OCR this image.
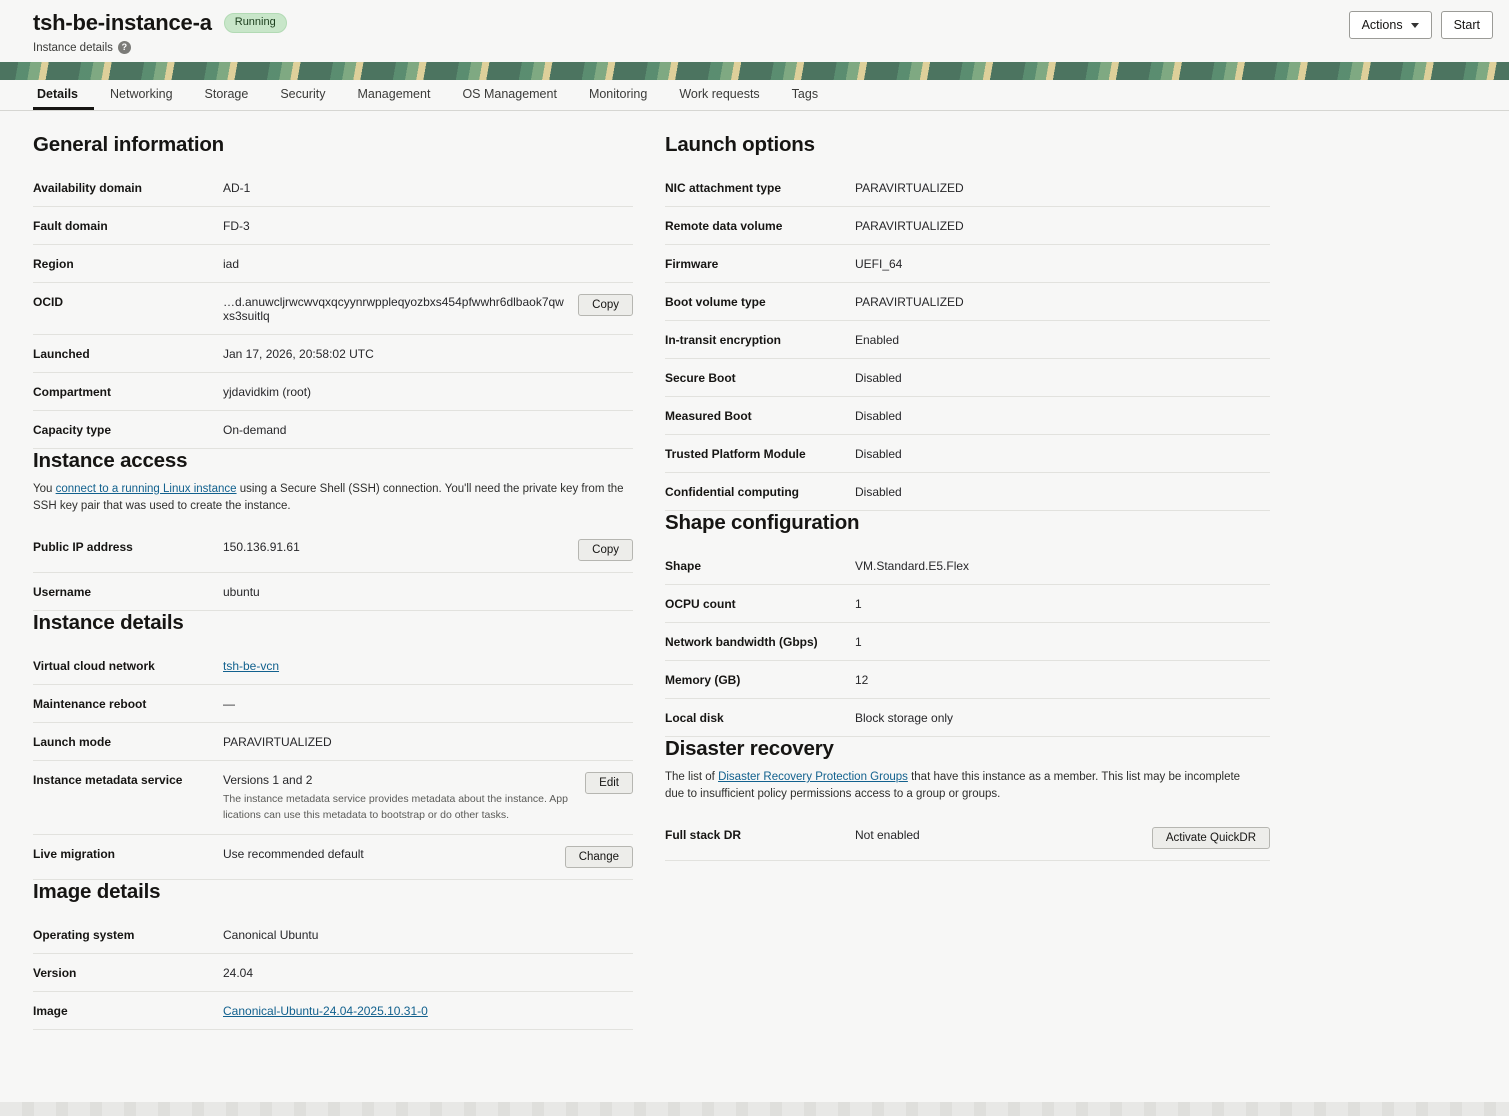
tsh-be-instance-a	Running
Instance details ?
Actions	Start
Details	Networking	Storage	Security	Management	OS Management	Monitoring	Work requests	Tags
General information
Availability domain	AD-1
Fault domain	FD-3
Region	iad
OCID	…d.anuwcljrwcwvqxqcyynrwppleqyozbxs454pfwwhr6dlbaok7qwxs3suitlq
Copy
Launched	Jan 17, 2026, 20:58:02 UTC
Compartment	yjdavidkim (root)
Capacity type	On-demand
Instance access
You connect to a running Linux instance using a Secure Shell (SSH) connection. You'll need the private key from the SSH key pair that was used to create the instance.
Public IP address	150.136.91.61	Copy
Username	ubuntu
Instance details
Virtual cloud network	tsh-be-vcn
Maintenance reboot	—
Launch mode	PARAVIRTUALIZED
Instance metadata service	Versions 1 and 2
The instance metadata service provides metadata about the instance. Applications can use this metadata to bootstrap or do other tasks.
Edit
Live migration	Use recommended default	Change
Image details
Operating system	Canonical Ubuntu
Version	24.04
Image	Canonical-Ubuntu-24.04-2025.10.31-0
Launch options
NIC attachment type	PARAVIRTUALIZED
Remote data volume	PARAVIRTUALIZED
Firmware	UEFI_64
Boot volume type	PARAVIRTUALIZED
In-transit encryption	Enabled
Secure Boot	Disabled
Measured Boot	Disabled
Trusted Platform Module	Disabled
Confidential computing	Disabled
Shape configuration
Shape	VM.Standard.E5.Flex
OCPU count	1
Network bandwidth (Gbps)	1
Memory (GB)	12
Local disk	Block storage only
Disaster recovery
The list of Disaster Recovery Protection Groups that have this instance as a member. This list may be incomplete due to insufficient policy permissions access to a group or groups.
Full stack DR	Not enabled	Activate QuickDR
